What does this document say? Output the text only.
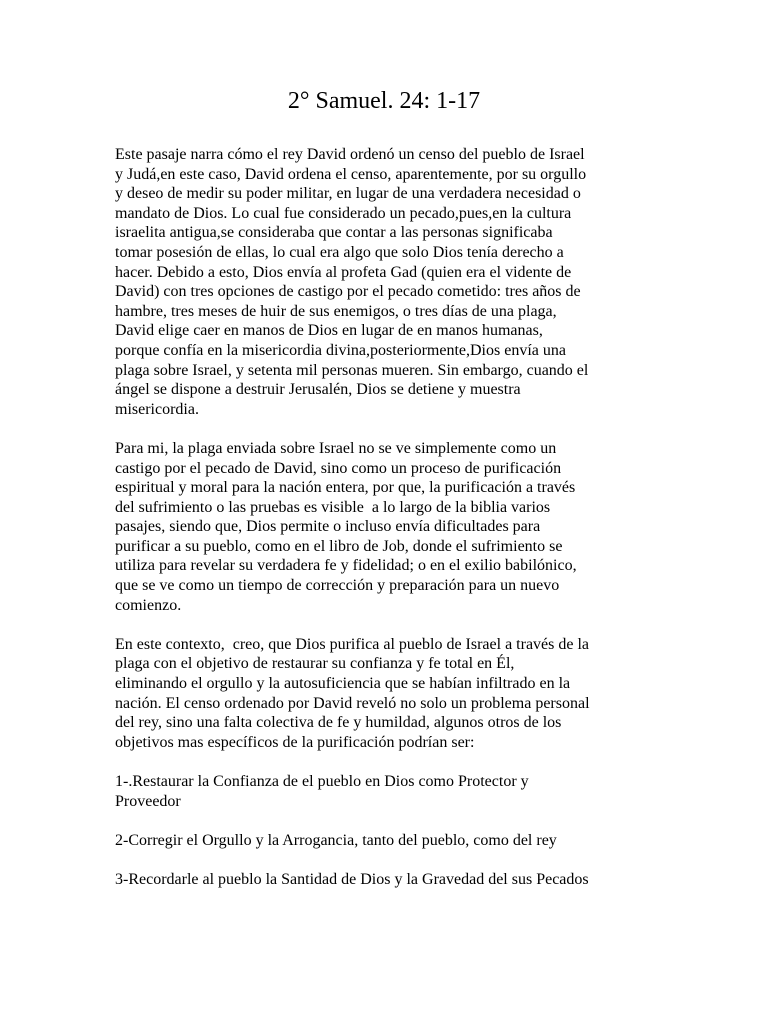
2° Samuel. 24: 1-17
Este pasaje narra cómo el rey David ordenó un censo del pueblo de Israel
y Judá,en este caso, David ordena el censo, aparentemente, por su orgullo
y deseo de medir su poder militar, en lugar de una verdadera necesidad o
mandato de Dios. Lo cual fue considerado un pecado,pues,en la cultura
israelita antigua,se consideraba que contar a las personas significaba
tomar posesión de ellas, lo cual era algo que solo Dios tenía derecho a
hacer. Debido a esto, Dios envía al profeta Gad (quien era el vidente de
David) con tres opciones de castigo por el pecado cometido: tres años de
hambre, tres meses de huir de sus enemigos, o tres días de una plaga,
David elige caer en manos de Dios en lugar de en manos humanas,
porque confía en la misericordia divina,posteriormente,Dios envía una
plaga sobre Israel, y setenta mil personas mueren. Sin embargo, cuando el
ángel se dispone a destruir Jerusalén, Dios se detiene y muestra
misericordia.
Para mi, la plaga enviada sobre Israel no se ve simplemente como un
castigo por el pecado de David, sino como un proceso de purificación
espiritual y moral para la nación entera, por que, la purificación a través
del sufrimiento o las pruebas es visible  a lo largo de la biblia varios
pasajes, siendo que, Dios permite o incluso envía dificultades para
purificar a su pueblo, como en el libro de Job, donde el sufrimiento se
utiliza para revelar su verdadera fe y fidelidad; o en el exilio babilónico,
que se ve como un tiempo de corrección y preparación para un nuevo
comienzo.
En este contexto,  creo, que Dios purifica al pueblo de Israel a través de la
plaga con el objetivo de restaurar su confianza y fe total en Él,
eliminando el orgullo y la autosuficiencia que se habían infiltrado en la
nación. El censo ordenado por David reveló no solo un problema personal
del rey, sino una falta colectiva de fe y humildad, algunos otros de los
objetivos mas específicos de la purificación podrían ser:
1-.Restaurar la Confianza de el pueblo en Dios como Protector y
Proveedor
2-Corregir el Orgullo y la Arrogancia, tanto del pueblo, como del rey
3-Recordarle al pueblo la Santidad de Dios y la Gravedad del sus Pecados
